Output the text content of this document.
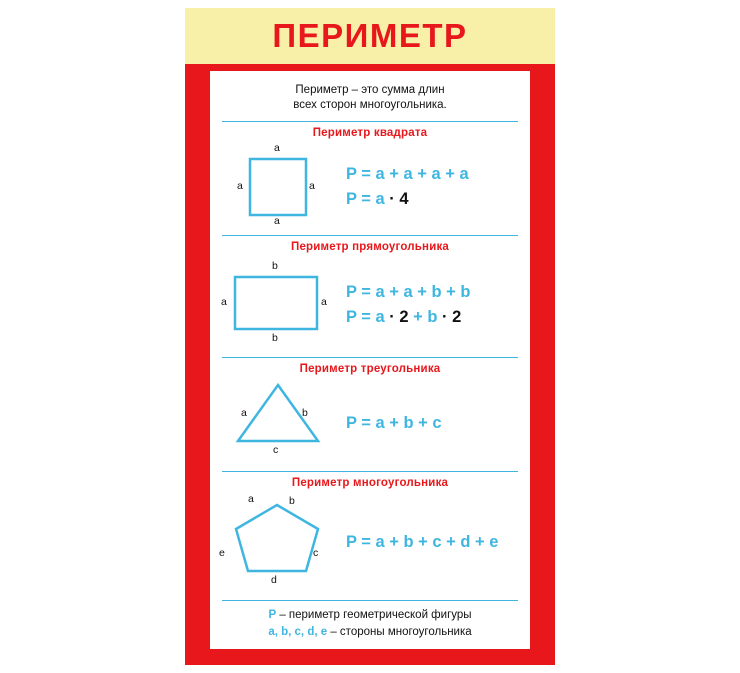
ПЕРИМЕТР
Периметр – это сумма длин
всех сторон многоугольника.
Периметр квадрата
a
a
a
a
P = a + a + a + a
P = a · 4
Периметр прямоугольника
b
a
a
b
P = a + a + b + b
P = a · 2 + b · 2
Периметр треугольника
a	b
c
P = a + b + c
Периметр многоугольника
a	b
c
d
e
P = a + b + c + d + e
P – периметр геометрической фигуры
a, b, c, d, e – стороны многоугольника
